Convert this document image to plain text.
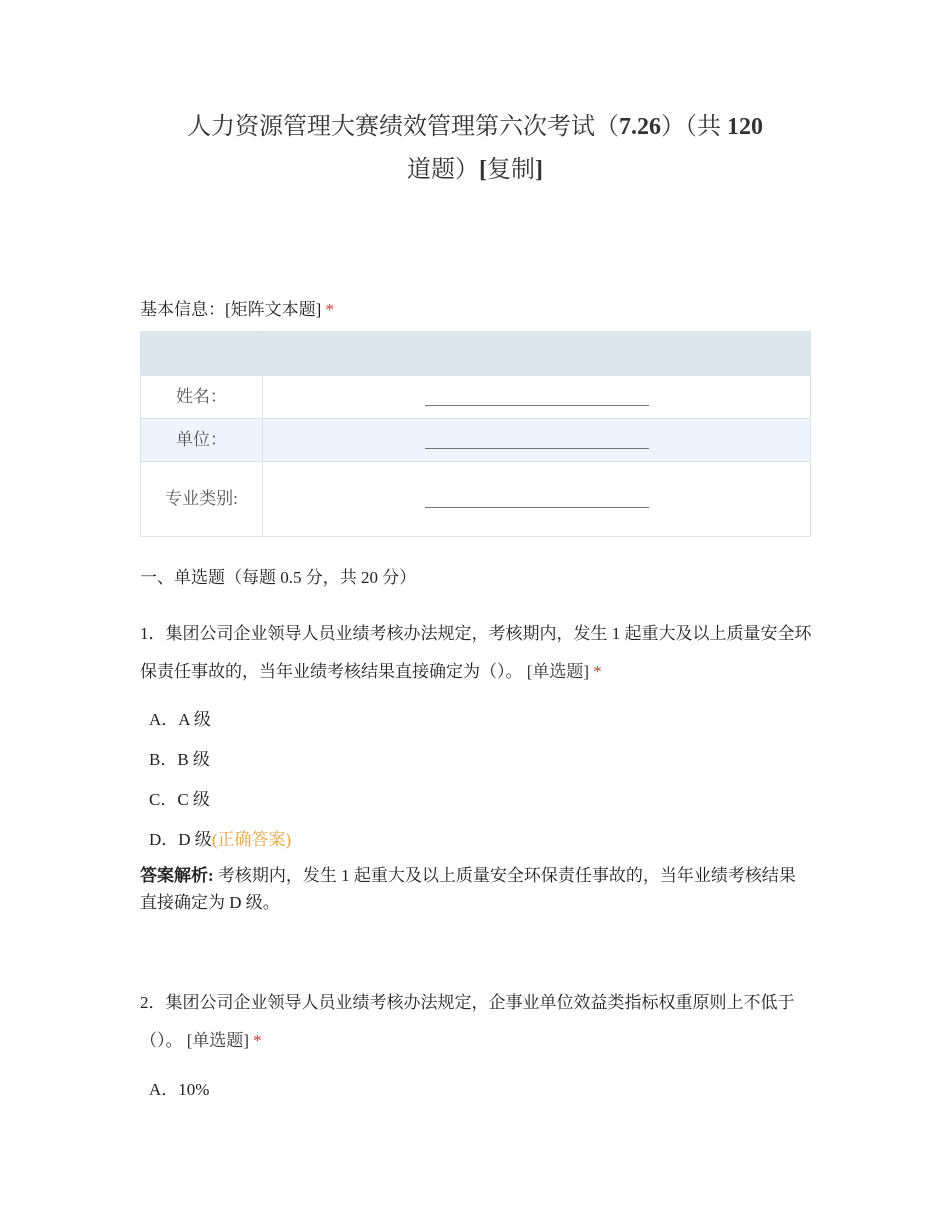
人力资源管理大赛绩效管理第六次考试（7.26）（共 120 道题）[复制]
基本信息：[矩阵文本题] *

姓名：	
单位：	
专业类别:	
一、单选题（每题 0.5 分，共 20 分）
1．集团公司企业领导人员业绩考核办法规定，考核期内，发生 1 起重大及以上质量安全环保责任事故的，当年业绩考核结果直接确定为（）。 [单选题] *
A．A 级
B．B 级
C．C 级
D．D 级(正确答案)
答案解析: 考核期内，发生 1 起重大及以上质量安全环保责任事故的，当年业绩考核结果直接确定为 D 级。
2．集团公司企业领导人员业绩考核办法规定，企事业单位效益类指标权重原则上不低于（）。 [单选题] *
A．10%
